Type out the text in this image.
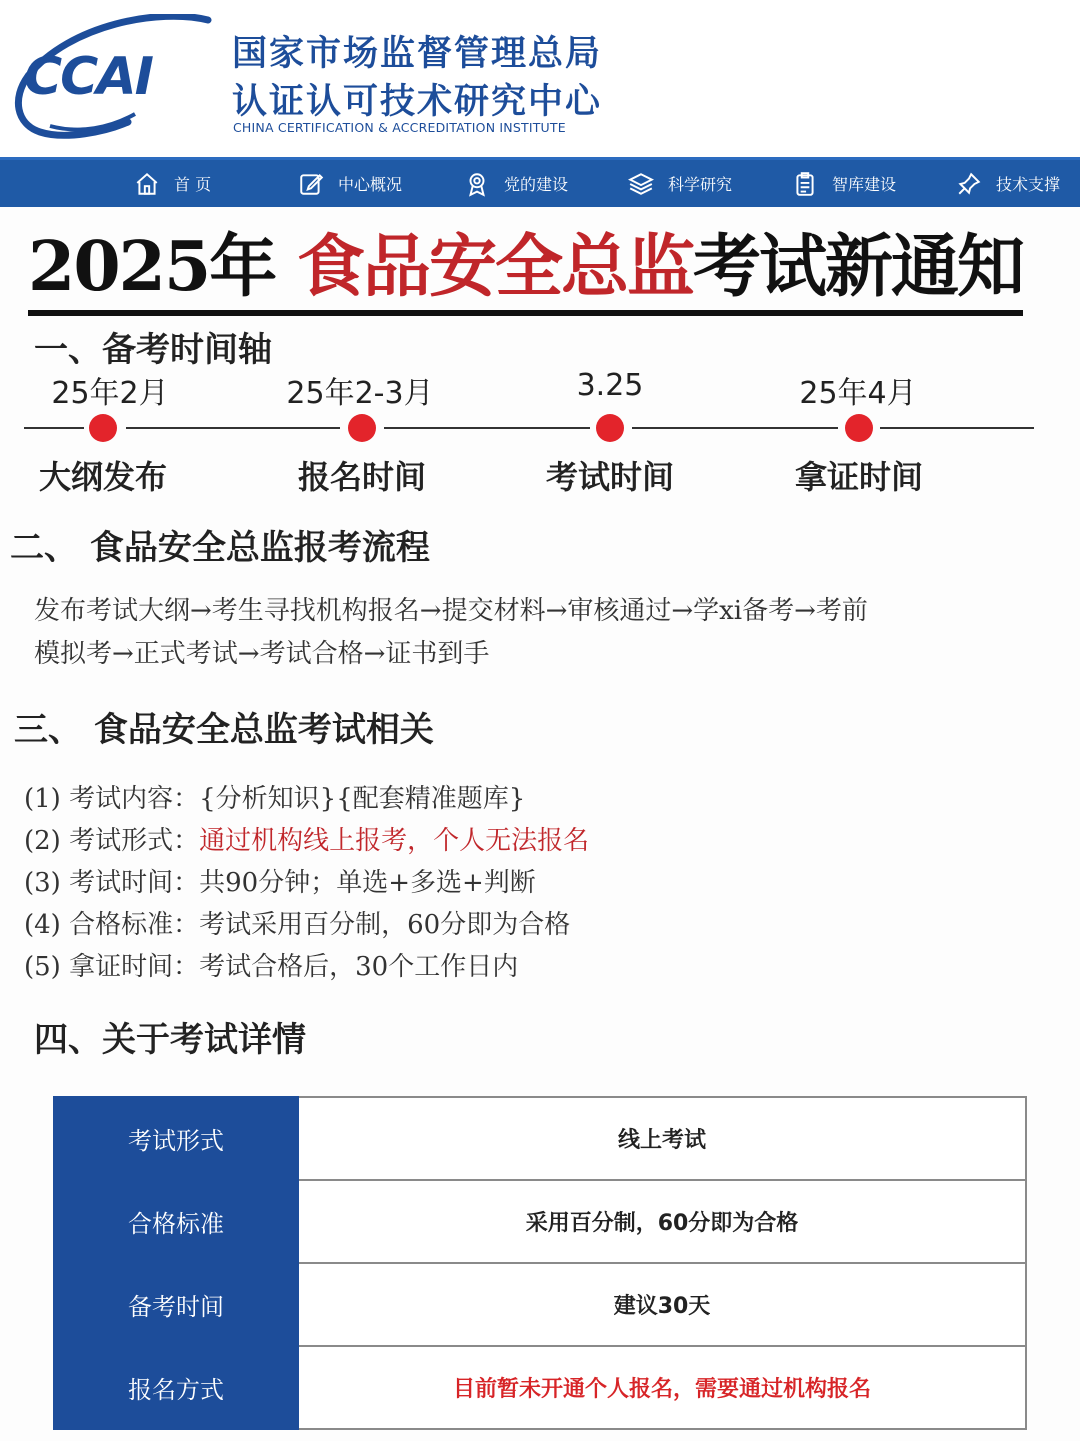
CCAI 国家市场监督管理总局
认证认可技术研究中心
CHINA CERTIFICATION & ACCREDITATION INSTITUTE
首 页	中心概况	党的建设	科学研究	智库建设	技术支撑
2025年 食品安全总监考试新通知
一、备考时间轴
25年2月	25年2-3月	3.25	25年4月
大纲发布	报名时间	考试时间	拿证时间
二、 食品安全总监报考流程
发布考试大纲→考生寻找机构报名→提交材料→审核通过→学xi备考→考前
模拟考→正式考试→考试合格→证书到手
三、 食品安全总监考试相关
(1) 考试内容：{分析知识}{配套精准题库}
(2) 考试形式：通过机构线上报考，个人无法报名
(3) 考试时间：共90分钟；单选+多选+判断
(4) 合格标准：考试采用百分制，60分即为合格
(5) 拿证时间：考试合格后，30个工作日内
四、关于考试详情
考试形式	线上考试
合格标准	采用百分制，60分即为合格
备考时间	建议30天
报名方式	目前暂未开通个人报名，需要通过机构报名
